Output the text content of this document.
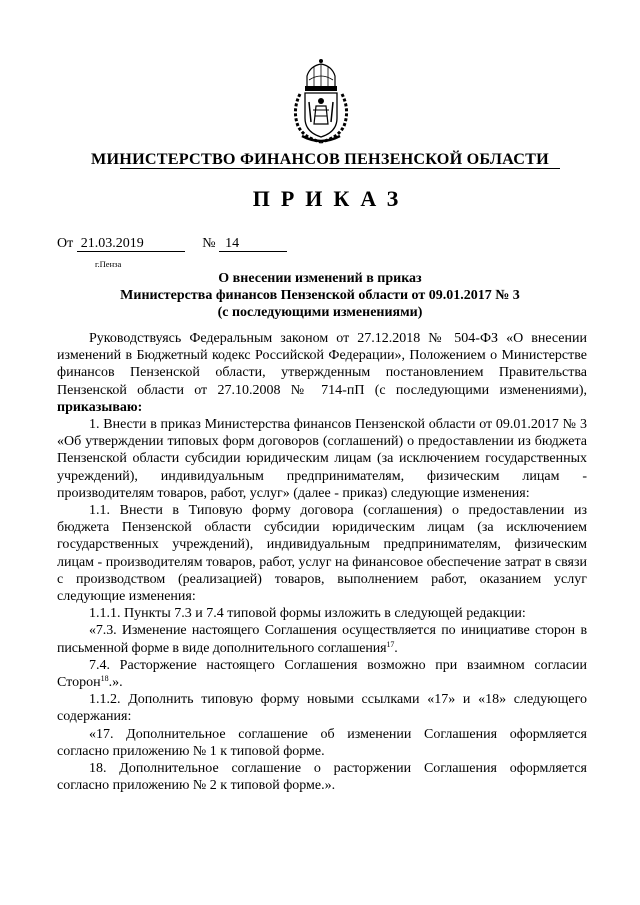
МИНИСТЕРСТВО ФИНАНСОВ ПЕНЗЕНСКОЙ ОБЛАСТИ
ПРИКАЗ
От 21.03.2019	№ 14
г.Пенза
О внесении изменений в приказ
Министерства финансов Пензенской области от 09.01.2017 № 3
(с последующими изменениями)

Руководствуясь Федеральным законом от 27.12.2018 № 504-ФЗ «О внесении изменений в Бюджетный кодекс Российской Федерации», Положением о Министерстве финансов Пензенской области, утвержденным постановлением Правительства Пензенской области от 27.10.2008 № 714-пП (с последующими изменениями), приказываю:

1. Внести в приказ Министерства финансов Пензенской области от 09.01.2017 № 3 «Об утверждении типовых форм договоров (соглашений) о предоставлении из бюджета Пензенской области субсидии юридическим лицам (за исключением государственных учреждений), индивидуальным предпринимателям, физическим лицам - производителям товаров, работ, услуг» (далее - приказ) следующие изменения:

1.1. Внести в Типовую форму договора (соглашения) о предоставлении из бюджета Пензенской области субсидии юридическим лицам (за исключением государственных учреждений), индивидуальным предпринимателям, физическим лицам - производителям товаров, работ, услуг на финансовое обеспечение затрат в связи с производством (реализацией) товаров, выполнением работ, оказанием услуг следующие изменения:

1.1.1. Пункты 7.3 и 7.4 типовой формы изложить в следующей редакции:

«7.3. Изменение настоящего Соглашения осуществляется по инициативе сторон в письменной форме в виде дополнительного соглашения$^{17}$.

7.4. Расторжение настоящего Соглашения возможно при взаимном согласии Сторон$^{18}$.».

1.1.2. Дополнить типовую форму новыми ссылками «17» и «18» следующего содержания:

«17. Дополнительное соглашение об изменении Соглашения оформляется согласно приложению № 1 к типовой форме.

18. Дополнительное соглашение о расторжении Соглашения оформляется согласно приложению № 2 к типовой форме.».
